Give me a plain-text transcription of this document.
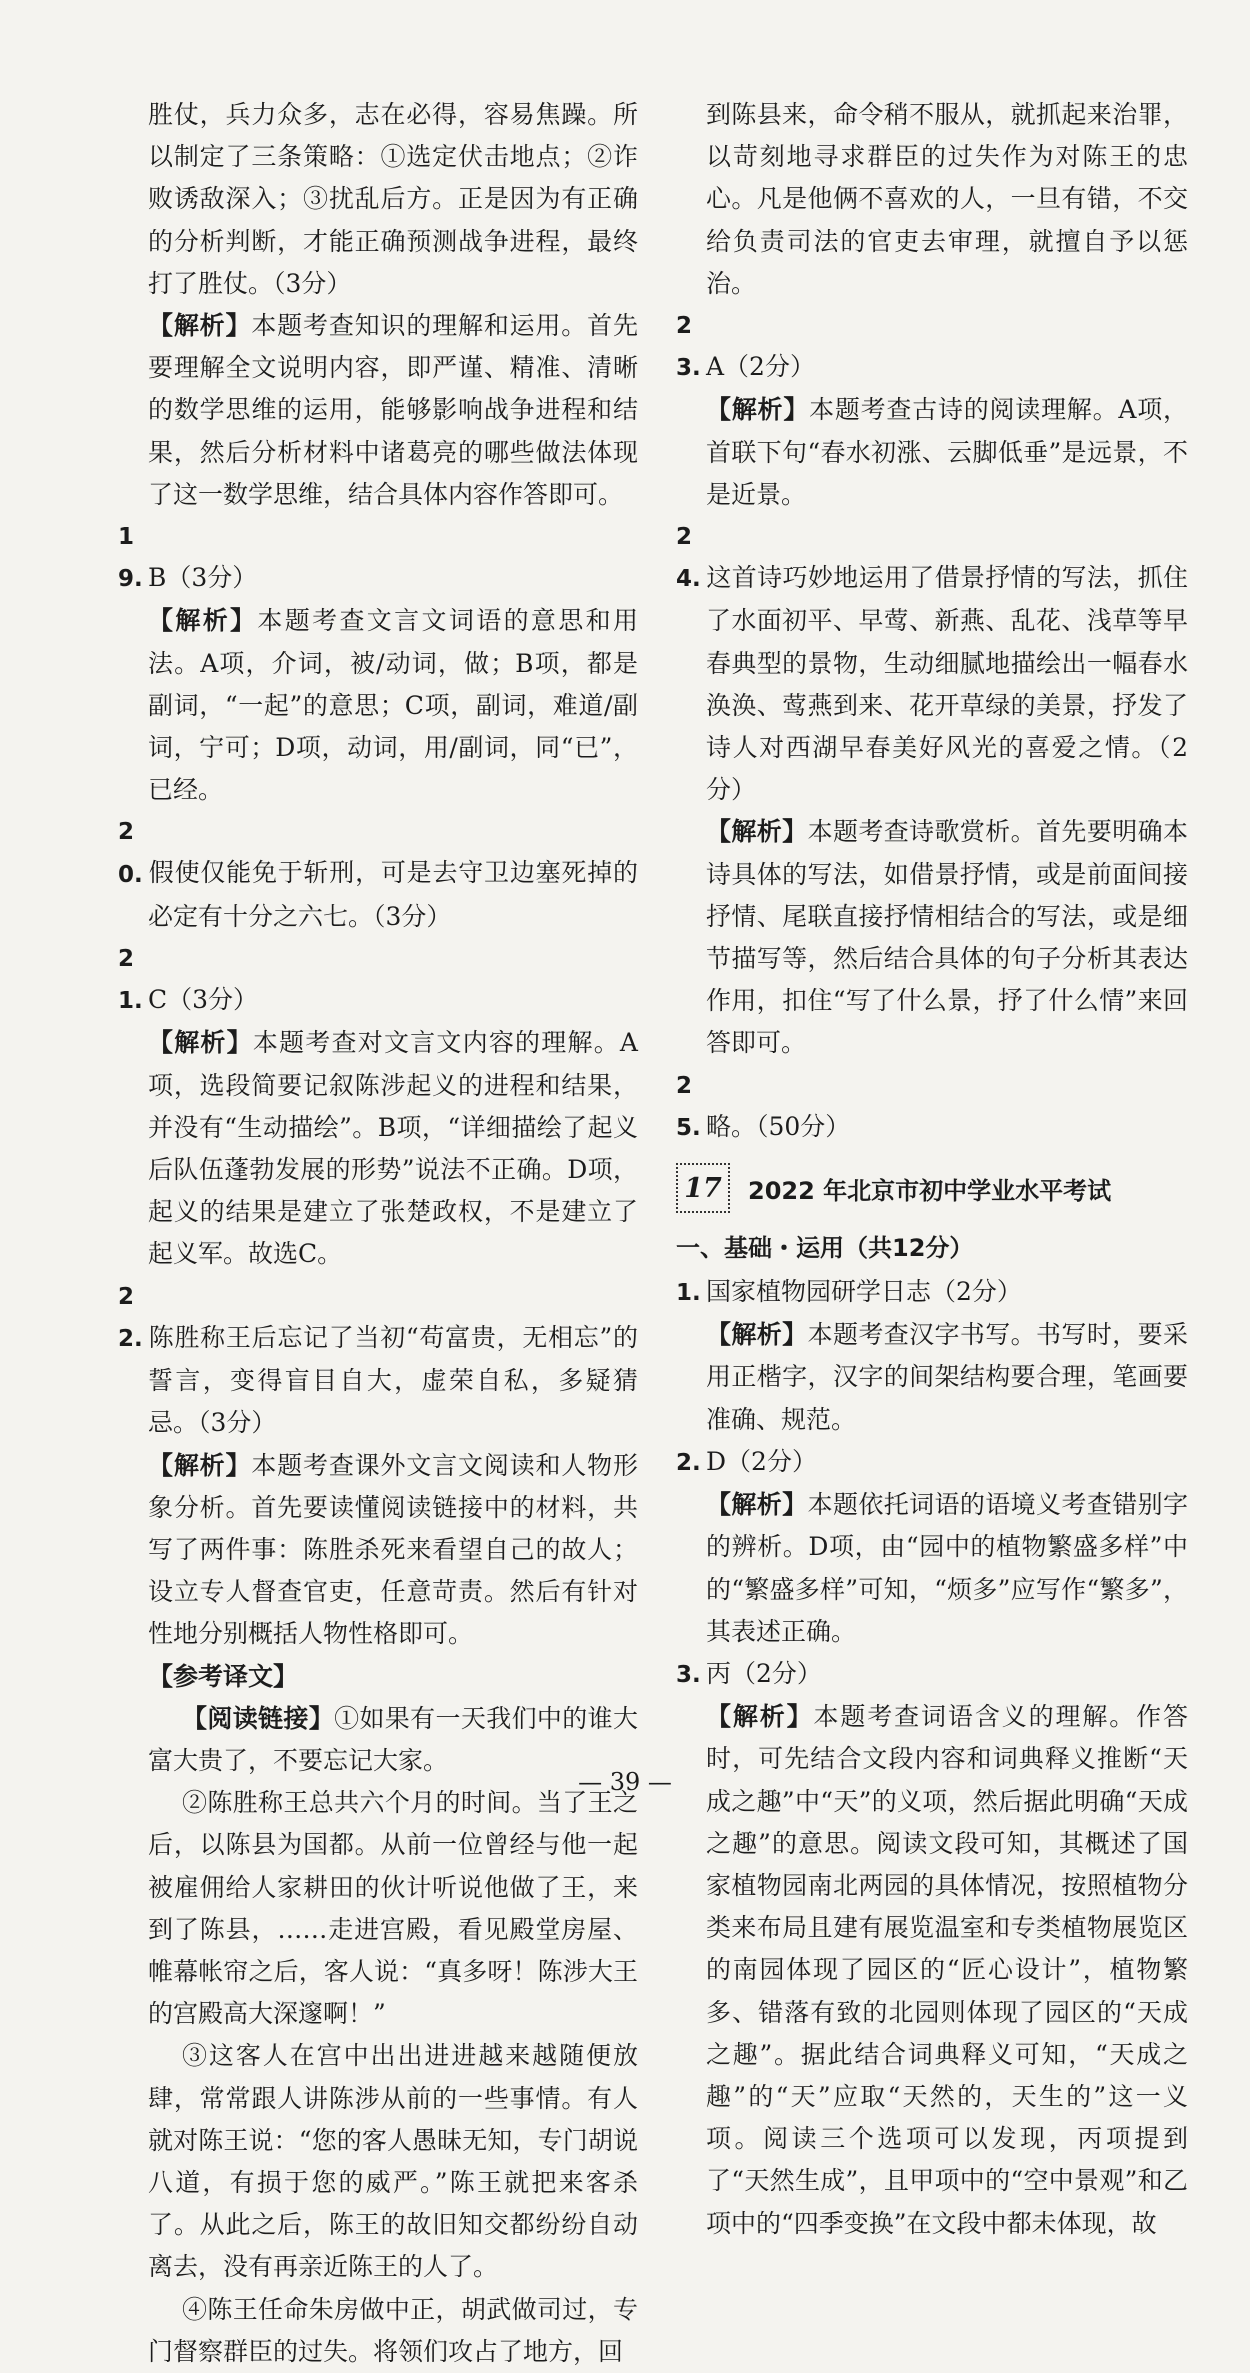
胜仗，兵力众多，志在必得，容易焦躁。所以制定了三条策略：①选定伏击地点；②诈败诱敌深入；③扰乱后方。正是因为有正确的分析判断，才能正确预测战争进程，最终打了胜仗。（3分）

【解析】本题考查知识的理解和运用。首先要理解全文说明内容，即严谨、精准、清晰的数学思维的运用，能够影响战争进程和结果，然后分析材料中诸葛亮的哪些做法体现了这一数学思维，结合具体内容作答即可。

19. B（3分）

【解析】本题考查文言文词语的意思和用法。A项，介词，被/动词，做；B项，都是副词，“一起”的意思；C项，副词，难道/副词，宁可；D项，动词，用/副词，同“已”，已经。

20. 假使仅能免于斩刑，可是去守卫边塞死掉的必定有十分之六七。（3分）

21. C（3分）

【解析】本题考查对文言文内容的理解。A项，选段简要记叙陈涉起义的进程和结果，并没有“生动描绘”。B项，“详细描绘了起义后队伍蓬勃发展的形势”说法不正确。D项，起义的结果是建立了张楚政权，不是建立了起义军。故选C。

22. 陈胜称王后忘记了当初“苟富贵，无相忘”的誓言，变得盲目自大，虚荣自私，多疑猜忌。（3分）

【解析】本题考查课外文言文阅读和人物形象分析。首先要读懂阅读链接中的材料，共写了两件事：陈胜杀死来看望自己的故人；设立专人督查官吏，任意苛责。然后有针对性地分别概括人物性格即可。

【参考译文】

【阅读链接】①如果有一天我们中的谁大富大贵了，不要忘记大家。

②陈胜称王总共六个月的时间。当了王之后，以陈县为国都。从前一位曾经与他一起被雇佣给人家耕田的伙计听说他做了王，来到了陈县，……走进宫殿，看见殿堂房屋、帷幕帐帘之后，客人说：“真多呀！陈涉大王的宫殿高大深邃啊！”

③这客人在宫中出出进进越来越随便放肆，常常跟人讲陈涉从前的一些事情。有人就对陈王说：“您的客人愚昧无知，专门胡说八道，有损于您的威严。”陈王就把来客杀了。从此之后，陈王的故旧知交都纷纷自动离去，没有再亲近陈王的人了。

④陈王任命朱房做中正，胡武做司过，专门督察群臣的过失。将领们攻占了地方，回

到陈县来，命令稍不服从，就抓起来治罪，以苛刻地寻求群臣的过失作为对陈王的忠心。凡是他俩不喜欢的人，一旦有错，不交给负责司法的官吏去审理，就擅自予以惩治。

23. A（2分）

【解析】本题考查古诗的阅读理解。A项，首联下句“春水初涨、云脚低垂”是远景，不是近景。

24. 这首诗巧妙地运用了借景抒情的写法，抓住了水面初平、早莺、新燕、乱花、浅草等早春典型的景物，生动细腻地描绘出一幅春水涣涣、莺燕到来、花开草绿的美景，抒发了诗人对西湖早春美好风光的喜爱之情。（2分）

【解析】本题考查诗歌赏析。首先要明确本诗具体的写法，如借景抒情，或是前面间接抒情、尾联直接抒情相结合的写法，或是细节描写等，然后结合具体的句子分析其表达作用，扣住“写了什么景，抒了什么情”来回答即可。

25. 略。（50分）

17 2022 年北京市初中学业水平考试

一、基础・运用（共12分）

1. 国家植物园研学日志（2分）

【解析】本题考查汉字书写。书写时，要采用正楷字，汉字的间架结构要合理，笔画要准确、规范。

2. D（2分）

【解析】本题依托词语的语境义考查错别字的辨析。D项，由“园中的植物繁盛多样”中的“繁盛多样”可知，“烦多”应写作“繁多”，其表述正确。

3. 丙（2分）

【解析】本题考查词语含义的理解。作答时，可先结合文段内容和词典释义推断“天成之趣”中“天”的义项，然后据此明确“天成之趣”的意思。阅读文段可知，其概述了国家植物园南北两园的具体情况，按照植物分类来布局且建有展览温室和专类植物展览区的南园体现了园区的“匠心设计”，植物繁多、错落有致的北园则体现了园区的“天成之趣”。据此结合词典释义可知，“天成之趣”的“天”应取“天然的，天生的”这一义项。阅读三个选项可以发现，丙项提到了“天然生成”，且甲项中的“空中景观”和乙项中的“四季变换”在文段中都未体现，故

— 39 —
